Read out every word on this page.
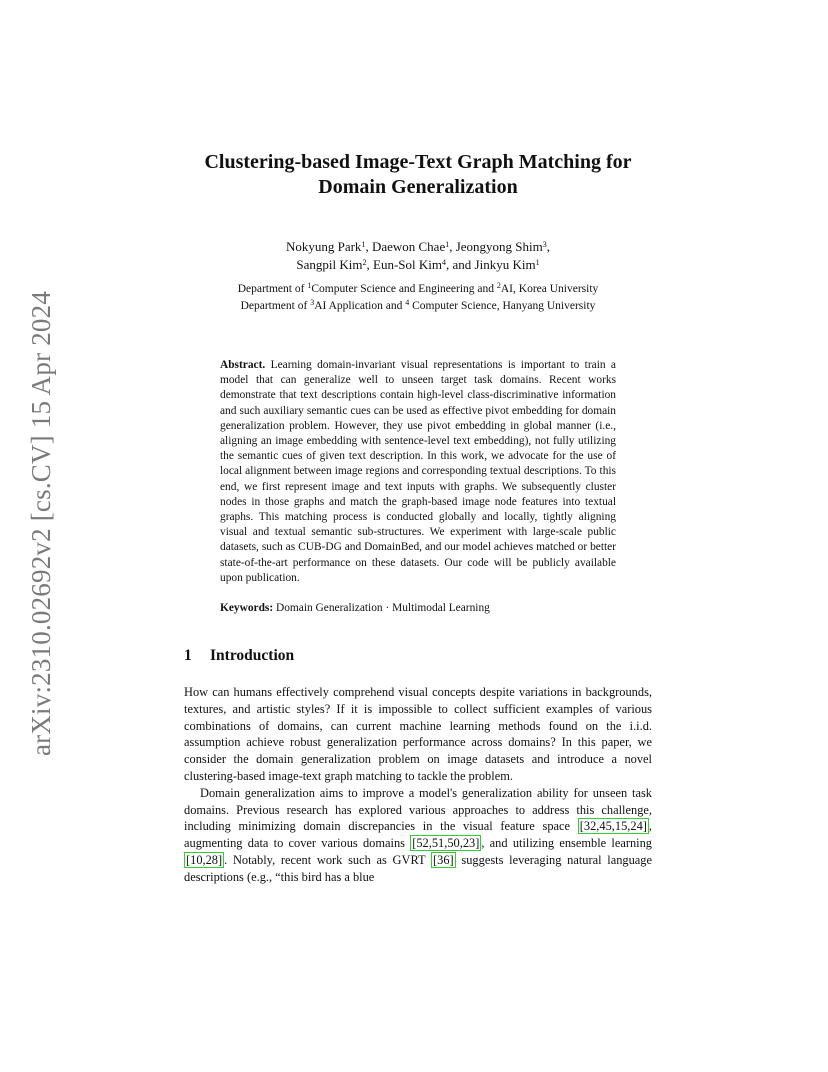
arXiv:2310.02692v2 [cs.CV] 15 Apr 2024
Clustering-based Image-Text Graph Matching for
Domain Generalization
Nokyung Park$^1$, Daewon Chae$^1$, Jeongyong Shim$^3$,
Sangpil Kim$^2$, Eun-Sol Kim$^4$, and Jinkyu Kim$^1$
Department of $^1$Computer Science and Engineering and $^2$AI, Korea University
Department of $^3$AI Application and $^4$ Computer Science, Hanyang University
Abstract. Learning domain-invariant visual representations is important to train a model that can generalize well to unseen target task domains. Recent works demonstrate that text descriptions contain high-level class-discriminative information and such auxiliary semantic cues can be used as effective pivot embedding for domain generalization problem. However, they use pivot embedding in global manner (i.e., aligning an image embedding with sentence-level text embedding), not fully utilizing the semantic cues of given text description. In this work, we advocate for the use of local alignment between image regions and corresponding textual descriptions. To this end, we first represent image and text inputs with graphs. We subsequently cluster nodes in those graphs and match the graph-based image node features into textual graphs. This matching process is conducted globally and locally, tightly aligning visual and textual semantic sub-structures. We experiment with large-scale public datasets, such as CUB-DG and DomainBed, and our model achieves matched or better state-of-the-art performance on these datasets. Our code will be publicly available upon publication.
Keywords: Domain Generalization · Multimodal Learning
1	Introduction

How can humans effectively comprehend visual concepts despite variations in backgrounds, textures, and artistic styles? If it is impossible to collect sufficient examples of various combinations of domains, can current machine learning methods found on the i.i.d. assumption achieve robust generalization performance across domains? In this paper, we consider the domain generalization problem on image datasets and introduce a novel clustering-based image-text graph matching to tackle the problem.

Domain generalization aims to improve a model's generalization ability for unseen task domains. Previous research has explored various approaches to address this challenge, including minimizing domain discrepancies in the visual feature space [32,45,15,24] , augmenting data to cover various domains [52,51,50,23] , and utilizing ensemble learning [10,28] . Notably, recent work such as GVRT [36] suggests leveraging natural language descriptions (e.g., “this bird has a blue
